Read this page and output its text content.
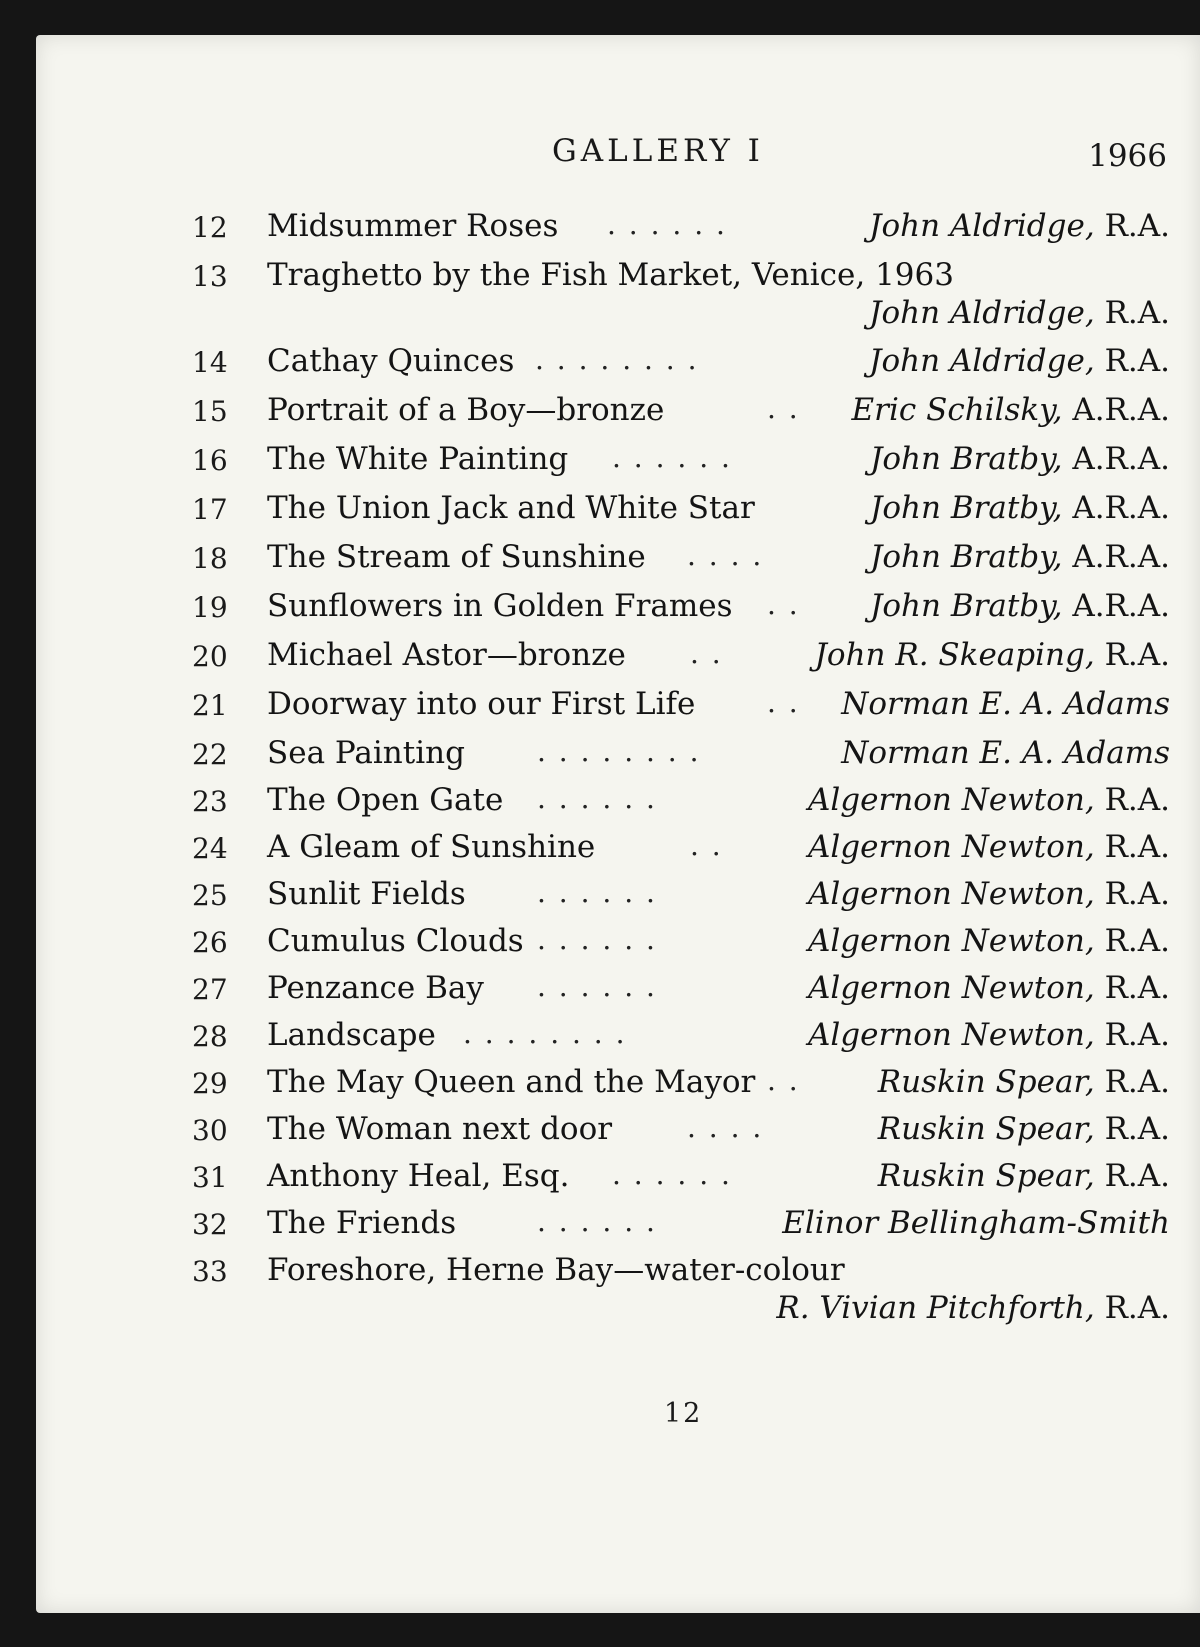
GALLERY I	1966
12	Midsummer Roses . . . . . .	John Aldridge, R.A.
13	Traghetto by the Fish Market, Venice, 1963
John Aldridge, R.A.
14	Cathay Quinces . . . . . . . .	John Aldridge, R.A.
15	Portrait of a Boy—bronze	. . Eric Schilsky, A.R.A.
16	The White Painting . . . . . .	John Bratby, A.R.A.
17	The Union Jack and White Star	John Bratby, A.R.A.
18	The Stream of Sunshine . . . .	John Bratby, A.R.A.
19	Sunflowers in Golden Frames . . John Bratby, A.R.A.
20	Michael Astor—bronze . .	John R. Skeaping, R.A.
21	Doorway into our First Life	. . Norman E. A. Adams
22	Sea Painting	. . . . . . . .	Norman E. A. Adams
23	The Open Gate . . . . . .	Algernon Newton, R.A.
24	A Gleam of Sunshine	. .	Algernon Newton, R.A.
25	Sunlit Fields	. . . . . .	Algernon Newton, R.A.
26	Cumulus Clouds . . . . . .	Algernon Newton, R.A.
27	Penzance Bay . . . . . .	Algernon Newton, R.A.
28	Landscape . . . . . . . .	Algernon Newton, R.A.
29	The May Queen and the Mayor . .	Ruskin Spear, R.A.
30	The Woman next door	. . . .	Ruskin Spear, R.A.
31	Anthony Heal, Esq. . . . . . .	Ruskin Spear, R.A.
32	The Friends	. . . . . .	Elinor Bellingham-Smith
33	Foreshore, Herne Bay—water-colour
R. Vivian Pitchforth, R.A.
12
